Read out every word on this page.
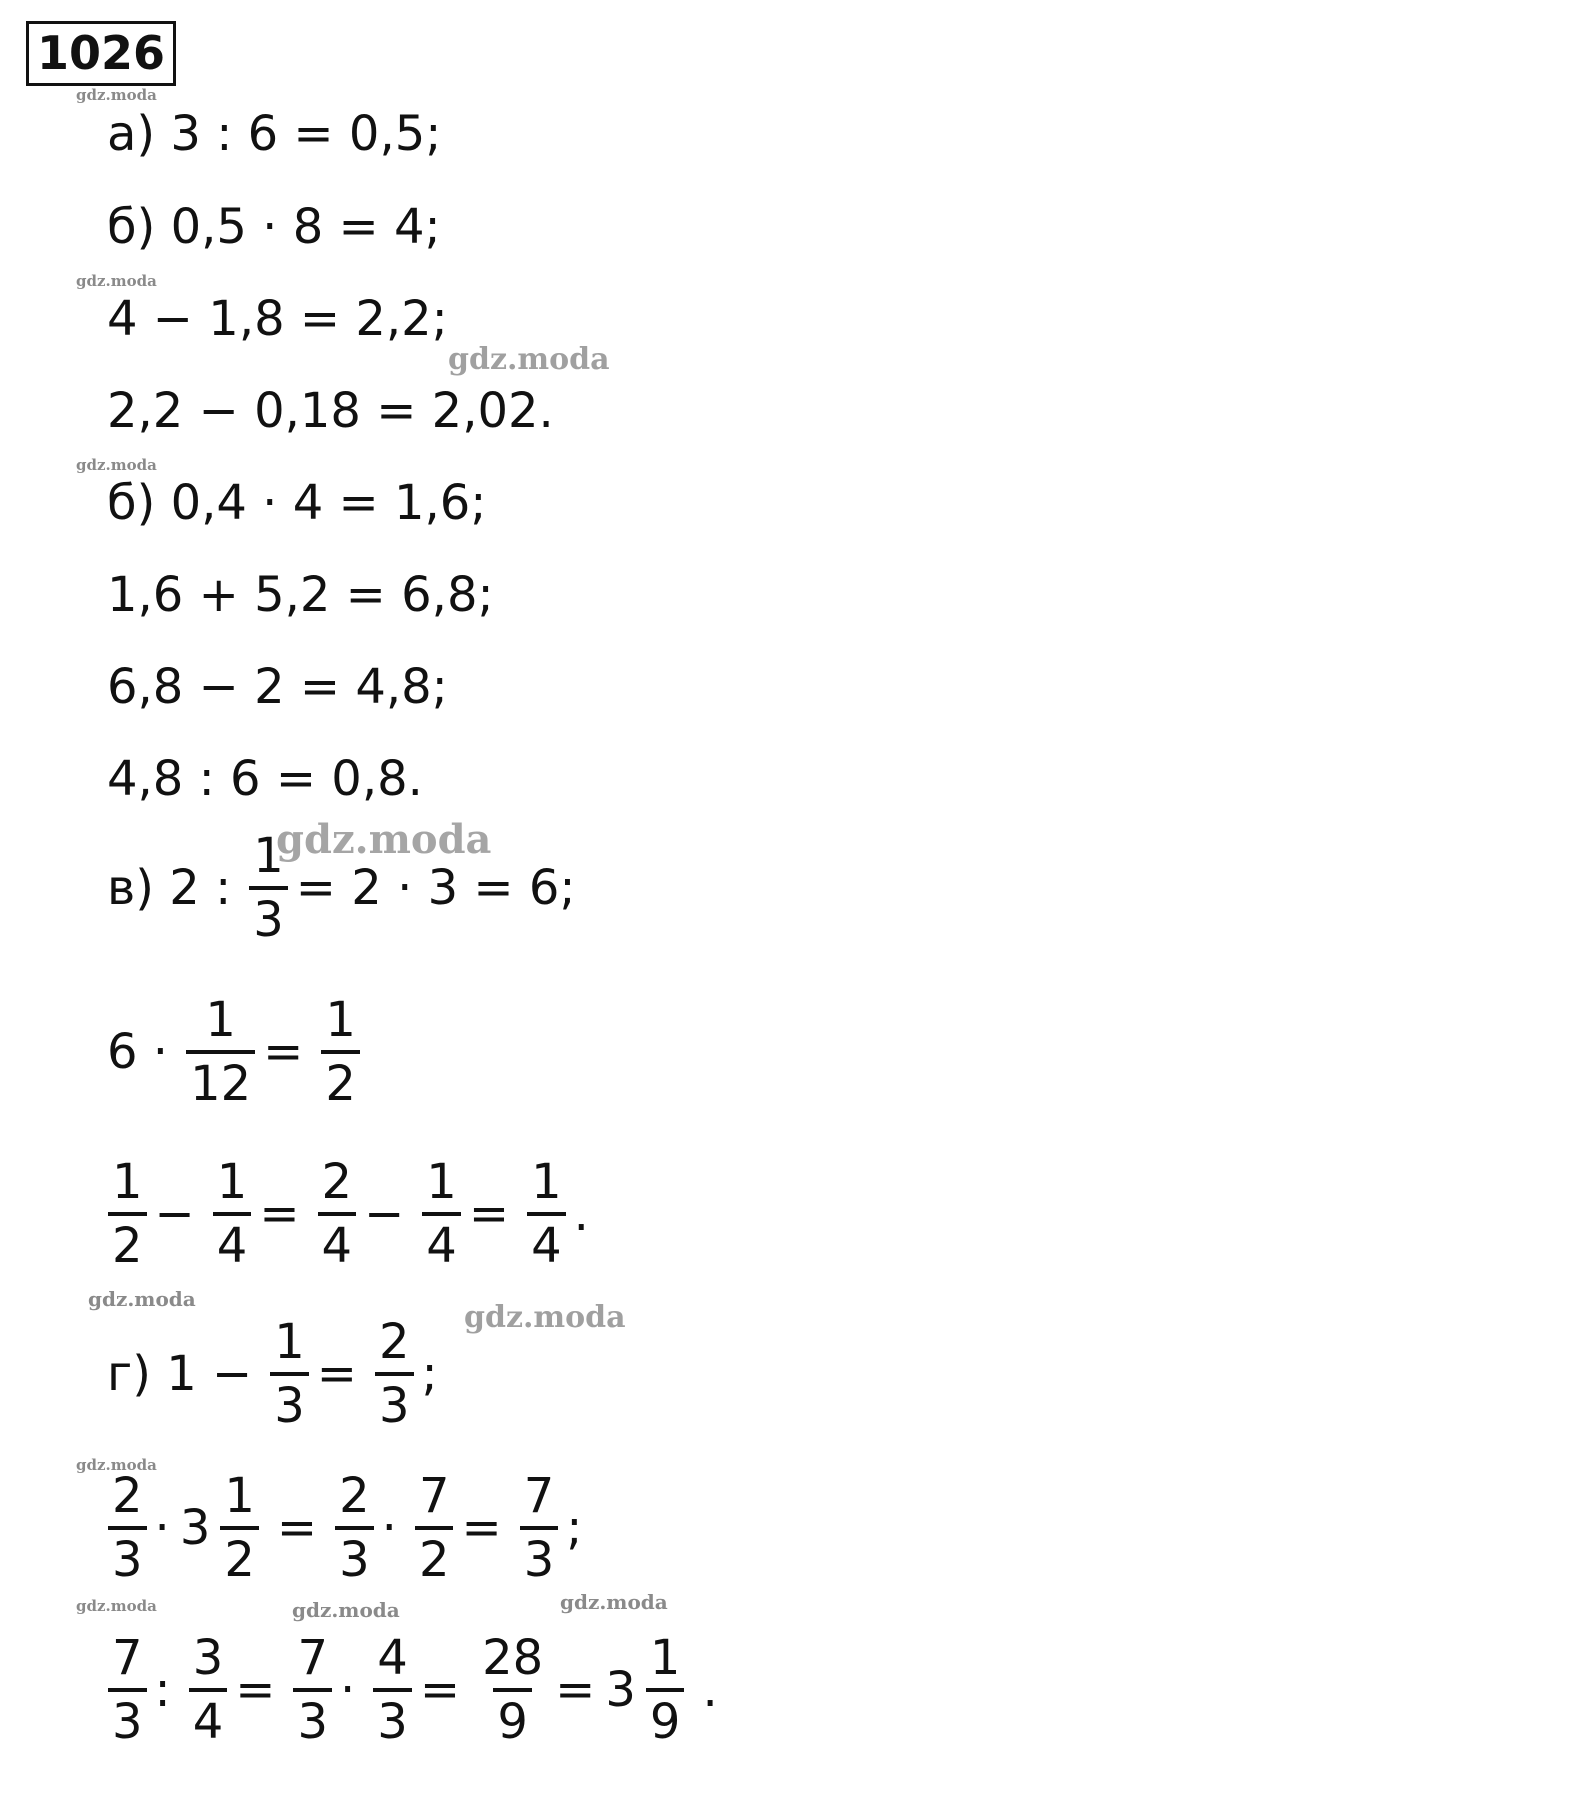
1026
gdz.moda
gdz.moda
gdz.moda
gdz.moda
gdz.moda
gdz.moda
gdz.moda
gdz.moda
gdz.moda	gdz.moda	gdz.moda
а) 3 : 6 = 0,5;
б) 0,5 · 8 = 4;
4 − 1,8 = 2,2;
2,2 − 0,18 = 2,02.
б) 0,4 · 4 = 1,6;
1,6 + 5,2 = 6,8;
6,8 − 2 = 4,8;
4,8 : 6 = 0,8.
в) 2 : $\frac{1}{3} = 2 \cdot 3 = 6$;
$6 \cdot \frac{1}{12} = \frac{1}{2}$
$\frac{1}{2} - \frac{1}{4} = \frac{2}{4} - \frac{1}{4} = \frac{1}{4}$ .
г) $1 - \frac{1}{3} = \frac{2}{3}$ ;
$\frac{2}{3} \cdot 3 \frac{1}{2} = \frac{2}{3} \cdot \frac{7}{2} = \frac{7}{3}$ ;
$\frac{7}{3}$ : $\frac{3}{4} = \frac{7}{3} \cdot \frac{4}{3} = \frac{28}{9} = 3 \frac{1}{9}$ .
